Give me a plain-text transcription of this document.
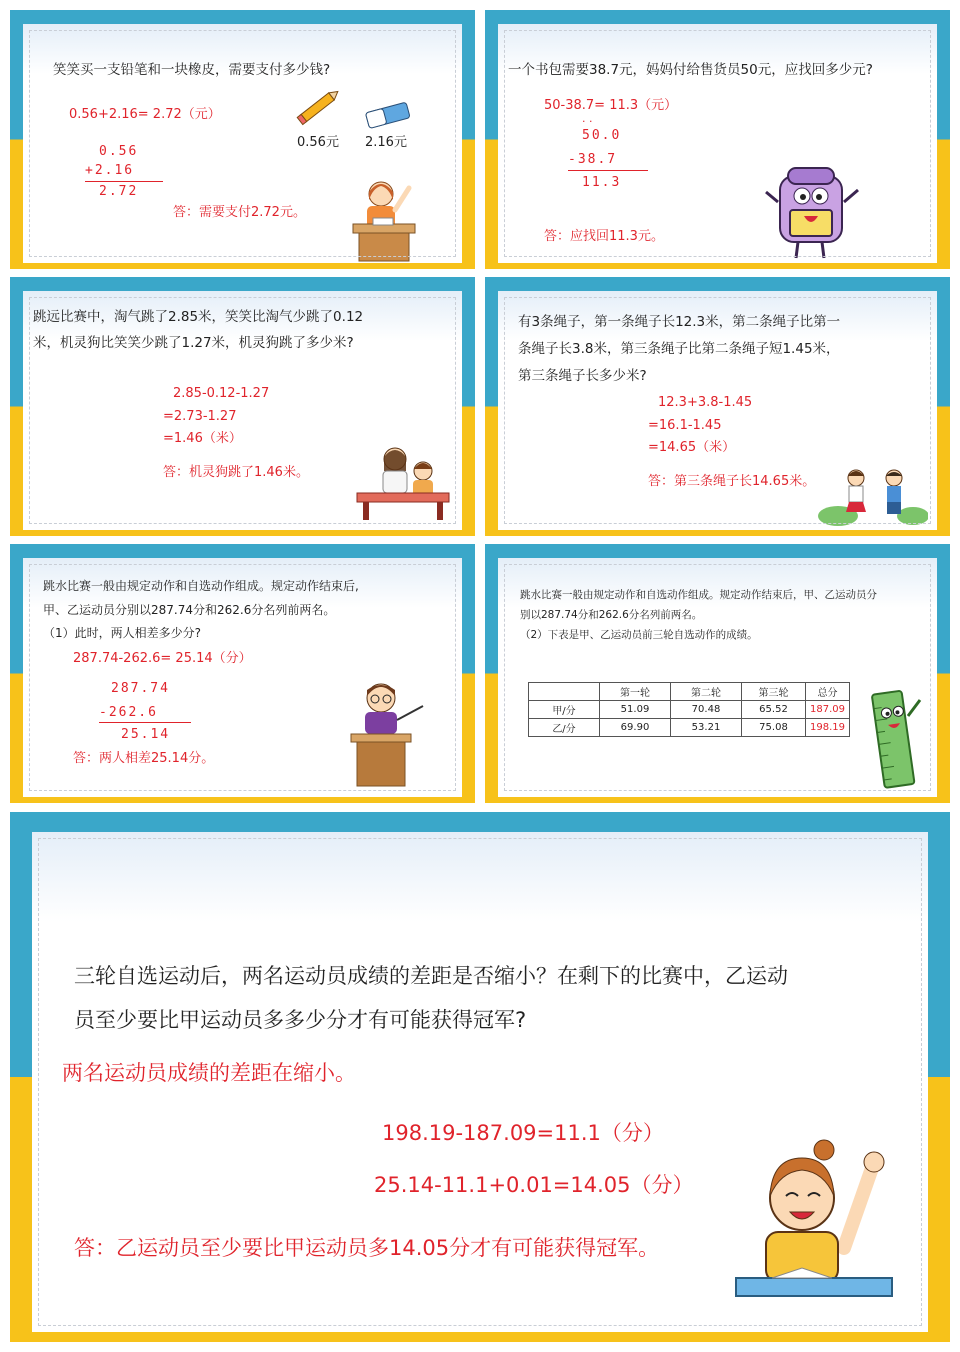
笑笑买一支铅笔和一块橡皮，需要支付多少钱?
0.56+2.16= 2.72（元）
0.56
+2.16
2.72
答：需要支付2.72元。
0.56元 2.16元
一个书包需要38.7元，妈妈付给售货员50元，应找回多少元?
50-38.7= 11.3（元）
. .
50.0
-38.7
11.3
答：应找回11.3元。
跳远比赛中，淘气跳了2.85米，笑笑比淘气少跳了0.12
米，机灵狗比笑笑少跳了1.27米，机灵狗跳了多少米?
2.85-0.12-1.27
=2.73-1.27
=1.46（米）
答：机灵狗跳了1.46米。
有3条绳子，第一条绳子长12.3米，第二条绳子比第一
条绳子长3.8米，第三条绳子比第二条绳子短1.45米，
第三条绳子长多少米?
12.3+3.8-1.45
=16.1-1.45
=14.65（米）
答：第三条绳子长14.65米。
跳水比赛一般由规定动作和自选动作组成。规定动作结束后,
甲、乙运动员分别以287.74分和262.6分名列前两名。
（1）此时，两人相差多少分?
287.74-262.6= 25.14（分）
287.74
-262.6
25.14
答：两人相差25.14分。
跳水比赛一般由规定动作和自选动作组成。规定动作结束后，甲、乙运动员分
别以287.74分和262.6分名列前两名。
（2）下表是甲、乙运动员前三轮自选动作的成绩。
	第一轮	第二轮	第三轮	总分
甲/分	51.09	70.48	65.52	187.09
乙/分	69.90	53.21	75.08	198.19
三轮自选运动后，两名运动员成绩的差距是否缩小？在剩下的比赛中，乙运动
员至少要比甲运动员多多少分才有可能获得冠军?
两名运动员成绩的差距在缩小。
198.19-187.09=11.1（分）
25.14-11.1+0.01=14.05（分）
答：乙运动员至少要比甲运动员多14.05分才有可能获得冠军。
